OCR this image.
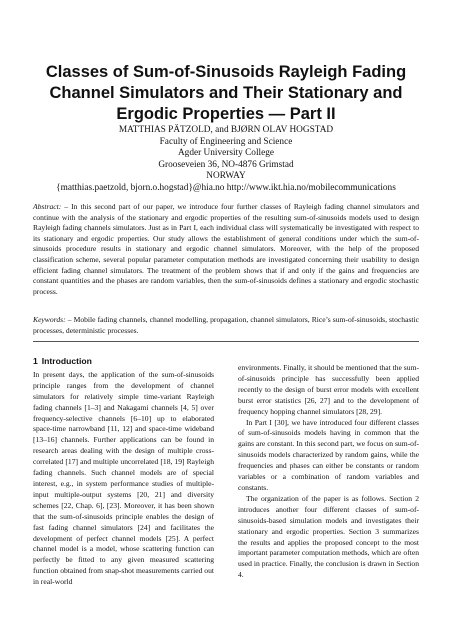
Classes of Sum-of-Sinusoids Rayleigh Fading Channel Simulators and Their Stationary and Ergodic Properties — Part II
MATTHIAS PÄTZOLD, and BJØRN OLAV HOGSTAD
Faculty of Engineering and Science
Agder University College
Grooseveien 36, NO-4876 Grimstad
NORWAY
{matthias.paetzold, bjorn.o.hogstad}@hia.no http://www.ikt.hia.no/mobilecommunications
Abstract: – In this second part of our paper, we introduce four further classes of Rayleigh fading channel simulators and continue with the analysis of the stationary and ergodic properties of the resulting sum-of-sinusoids models used to design Rayleigh fading channels simulators. Just as in Part I, each individual class will systematically be investigated with respect to its stationary and ergodic properties. Our study allows the establishment of general conditions under which the sum-of-sinusoids procedure results in stationary and ergodic channel simulators. Moreover, with the help of the proposed classification scheme, several popular parameter computation methods are investigated concerning their usability to design efficient fading channel simulators. The treatment of the problem shows that if and only if the gains and frequencies are constant quantities and the phases are random variables, then the sum-of-sinusoids defines a stationary and ergodic stochastic process.
Keywords: – Mobile fading channels, channel modelling, propagation, channel simulators, Rice’s sum-of-sinusoids, stochastic processes, deterministic processes.
1 Introduction

In present days, the application of the sum-of-sinusoids principle ranges from the development of channel simulators for relatively simple time-variant Rayleigh fading channels [1–3] and Nakagami channels [4, 5] over frequency-selective channels [6–10] up to elaborated space-time narrowband [11, 12] and space-time wideband [13–16] channels. Further applications can be found in research areas dealing with the design of multiple cross-correlated [17] and multiple uncorrelated [18, 19] Rayleigh fading channels. Such channel models are of special interest, e.g., in system performance studies of multiple-input multiple-output systems [20, 21] and diversity schemes [22, Chap. 6], [23]. Moreover, it has been shown that the sum-of-sinusoids principle enables the design of fast fading channel simulators [24] and facilitates the development of perfect channel models [25]. A perfect channel model is a model, whose scattering function can perfectly be fitted to any given measured scattering function obtained from snap-shot measurements carried out in real-world

environments. Finally, it should be mentioned that the sum-of-sinusoids principle has successfully been applied recently to the design of burst error models with excellent burst error statistics [26, 27] and to the development of frequency hopping channel simulators [28, 29].

In Part I [30], we have introduced four different classes of sum-of-sinusoids models having in common that the gains are constant. In this second part, we focus on sum-of-sinusoids models characterized by random gains, while the frequencies and phases can either be constants or random variables or a combination of random variables and constants.

The organization of the paper is as follows. Section 2 introduces another four different classes of sum-of-sinusoids-based simulation models and investigates their stationary and ergodic properties. Section 3 summarizes the results and applies the proposed concept to the most important parameter computation methods, which are often used in practice. Finally, the conclusion is drawn in Section 4.
